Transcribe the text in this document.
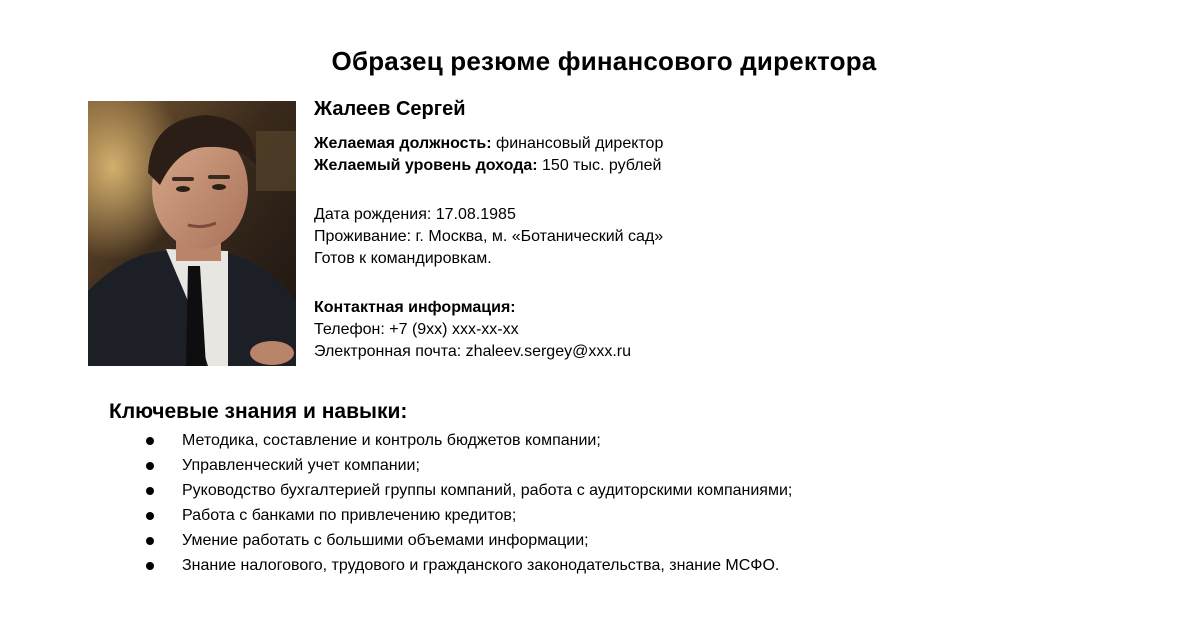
Образец резюме финансового директора
Жалеев Сергей
Желаемая должность: финансовый директор
Желаемый уровень дохода: 150 тыс. рублей
Дата рождения: 17.08.1985
Проживание: г. Москва, м. «Ботанический сад»
Готов к командировкам.
Контактная информация:
Телефон: +7 (9хх) ххх-хх-хх
Электронная почта: zhaleev.sergey@xxx.ru
Ключевые знания и навыки:
Методика, составление и контроль бюджетов компании;
Управленческий учет компании;
Руководство бухгалтерией группы компаний, работа с аудиторскими компаниями;
Работа с банками по привлечению кредитов;
Умение работать с большими объемами информации;
Знание налогового, трудового и гражданского законодательства, знание МСФО.
